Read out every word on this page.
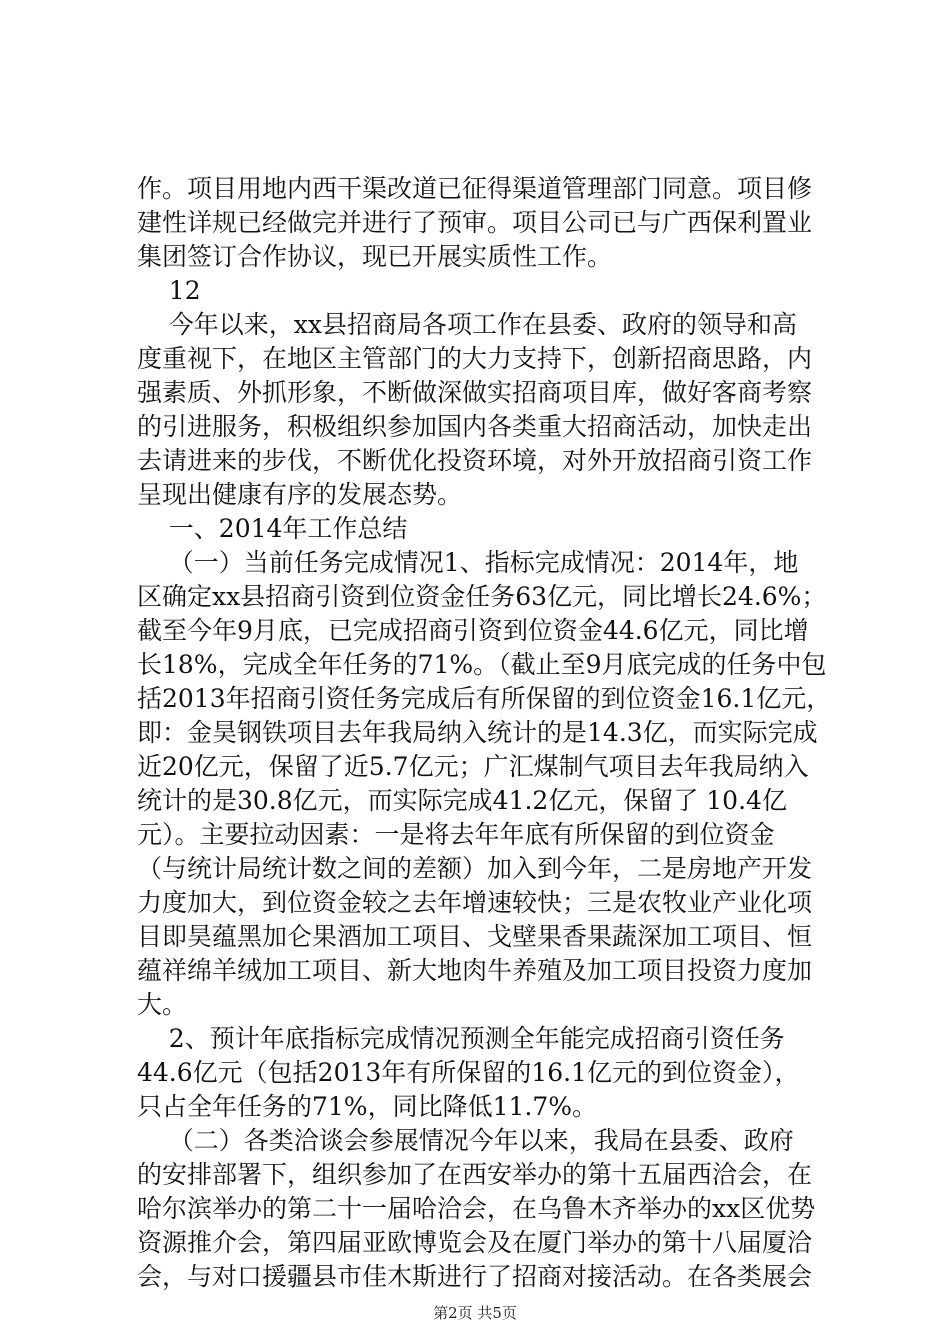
作。项目用地内西干渠改道已征得渠道管理部门同意。项目修
建性详规已经做完并进行了预审。项目公司已与广西保利置业
集团签订合作协议，现已开展实质性工作。
12
今年以来，xx县招商局各项工作在县委、政府的领导和高
度重视下，在地区主管部门的大力支持下，创新招商思路，内
强素质、外抓形象，不断做深做实招商项目库，做好客商考察
的引进服务，积极组织参加国内各类重大招商活动，加快走出
去请进来的步伐，不断优化投资环境，对外开放招商引资工作
呈现出健康有序的发展态势。
一、2014年工作总结
（一）当前任务完成情况1、指标完成情况：2014年，地
区确定xx县招商引资到位资金任务63亿元，同比增长24.6%；
截至今年9月底，已完成招商引资到位资金44.6亿元，同比增
长18%，完成全年任务的71%。（截止至9月底完成的任务中包
括2013年招商引资任务完成后有所保留的到位资金16.1亿元，
即：金昊钢铁项目去年我局纳入统计的是14.3亿，而实际完成
近20亿元，保留了近5.7亿元；广汇煤制气项目去年我局纳入
统计的是30.8亿元，而实际完成41.2亿元，保留了 10.4亿
元）。主要拉动因素：一是将去年年底有所保留的到位资金
（与统计局统计数之间的差额）加入到今年，二是房地产开发
力度加大，到位资金较之去年增速较快；三是农牧业产业化项
目即昊蕴黑加仑果酒加工项目、戈壁果香果蔬深加工项目、恒
蕴祥绵羊绒加工项目、新大地肉牛养殖及加工项目投资力度加
大。
2、预计年底指标完成情况预测全年能完成招商引资任务
44.6亿元（包括2013年有所保留的16.1亿元的到位资金），
只占全年任务的71%，同比降低11.7%。
（二）各类洽谈会参展情况今年以来，我局在县委、政府
的安排部署下，组织参加了在西安举办的第十五届西洽会，在
哈尔滨举办的第二十一届哈洽会，在乌鲁木齐举办的xx区优势
资源推介会，第四届亚欧博览会及在厦门举办的第十八届厦洽
会，与对口援疆县市佳木斯进行了招商对接活动。在各类展会
第2页 共5页
